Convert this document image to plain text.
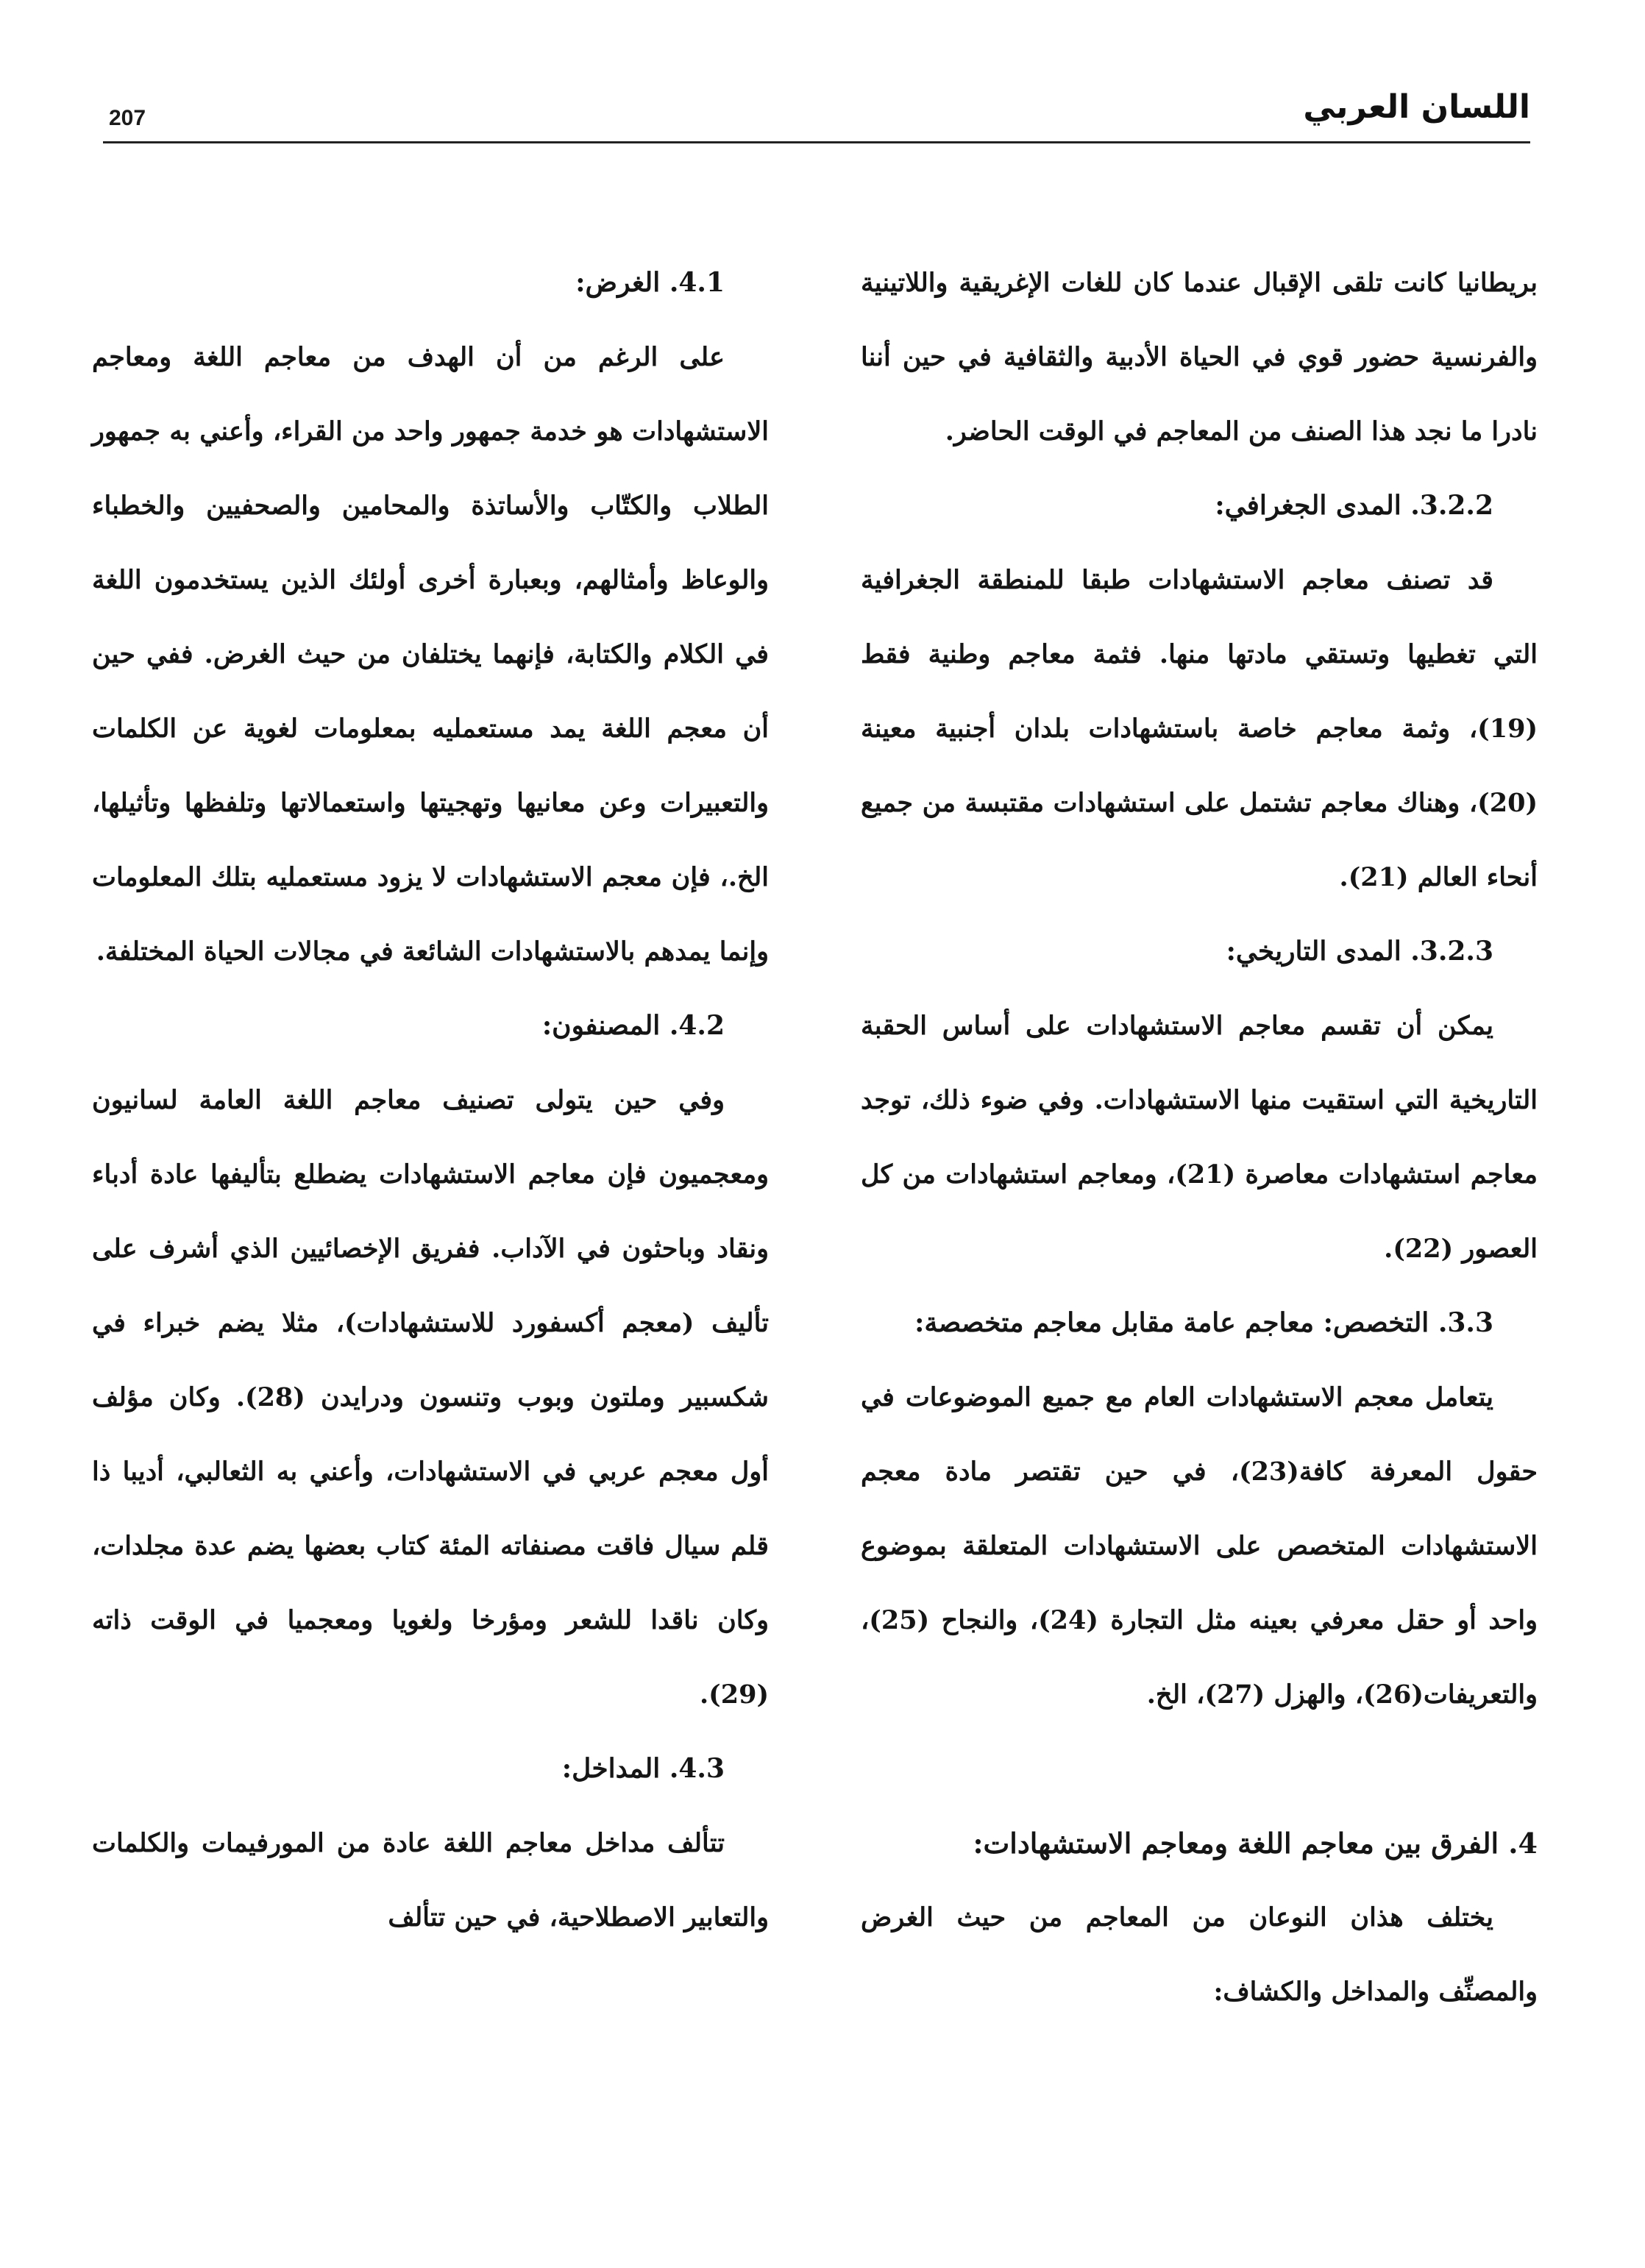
207	اللسان العربي

بريطانيا كانت تلقى الإقبال عندما كان للغات الإغريقية واللاتينية والفرنسية حضور قوي في الحياة الأدبية والثقافية في حين أننا نادرا ما نجد هذا الصنف من المعاجم في الوقت الحاضر.

3.2.2. المدى الجغرافي:

قد تصنف معاجم الاستشهادات طبقا للمنطقة الجغرافية التي تغطيها وتستقي مادتها منها. فثمة معاجم وطنية فقط (19)، وثمة معاجم خاصة باستشهادات بلدان أجنبية معينة (20)، وهناك معاجم تشتمل على استشهادات مقتبسة من جميع أنحاء العالم (21).

3.2.3. المدى التاريخي:

يمكن أن تقسم معاجم الاستشهادات على أساس الحقبة التاريخية التي استقيت منها الاستشهادات. وفي ضوء ذلك، توجد معاجم استشهادات معاصرة (21)، ومعاجم استشهادات من كل العصور (22).

3.3. التخصص: معاجم عامة مقابل معاجم متخصصة:

يتعامل معجم الاستشهادات العام مع جميع الموضوعات في حقول المعرفة كافة(23)، في حين تقتصر مادة معجم الاستشهادات المتخصص على الاستشهادات المتعلقة بموضوع واحد أو حقل معرفي بعينه مثل التجارة (24)، والنجاح (25)، والتعريفات(26)، والهزل (27)، الخ.

4. الفرق بين معاجم اللغة ومعاجم الاستشهادات:

يختلف هذان النوعان من المعاجم من حيث الغرض والمصنِّف والمداخل والكشاف:

4.1. الغرض:

على الرغم من أن الهدف من معاجم اللغة ومعاجم الاستشهادات هو خدمة جمهور واحد من القراء، وأعني به جمهور الطلاب والكتّاب والأساتذة والمحامين والصحفيين والخطباء والوعاظ وأمثالهم، وبعبارة أخرى أولئك الذين يستخدمون اللغة في الكلام والكتابة، فإنهما يختلفان من حيث الغرض. ففي حين أن معجم اللغة يمد مستعمليه بمعلومات لغوية عن الكلمات والتعبيرات وعن معانيها وتهجيتها واستعمالاتها وتلفظها وتأثيلها، الخ.، فإن معجم الاستشهادات لا يزود مستعمليه بتلك المعلومات وإنما يمدهم بالاستشهادات الشائعة في مجالات الحياة المختلفة.

4.2. المصنفون:

وفي حين يتولى تصنيف معاجم اللغة العامة لسانيون ومعجميون فإن معاجم الاستشهادات يضطلع بتأليفها عادة أدباء ونقاد وباحثون في الآداب. ففريق الإخصائيين الذي أشرف على تأليف (معجم أكسفورد للاستشهادات)، مثلا يضم خبراء في شكسبير وملتون وبوب وتنسون ودرايدن (28). وكان مؤلف أول معجم عربي في الاستشهادات، وأعني به الثعالبي، أديبا ذا قلم سيال فاقت مصنفاته المئة كتاب بعضها يضم عدة مجلدات، وكان ناقدا للشعر ومؤرخا ولغويا ومعجميا في الوقت ذاته (29).

4.3. المداخل:

تتألف مداخل معاجم اللغة عادة من المورفيمات والكلمات والتعابير الاصطلاحية، في حين تتألف
